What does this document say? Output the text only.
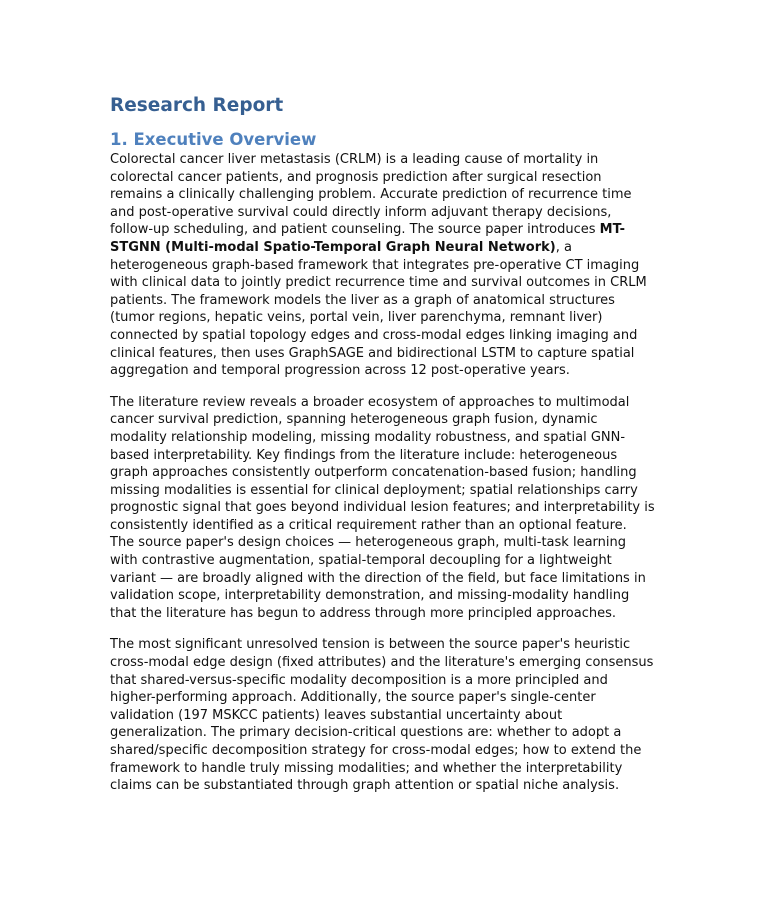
Research Report
1. Executive Overview

Colorectal cancer liver metastasis (CRLM) is a leading cause of mortality in colorectal cancer patients, and prognosis prediction after surgical resection remains a clinically challenging problem. Accurate prediction of recurrence time and post-operative survival could directly inform adjuvant therapy decisions, follow-up scheduling, and patient counseling. The source paper introduces MT-STGNN (Multi-modal Spatio-Temporal Graph Neural Network), a heterogeneous graph-based framework that integrates pre-operative CT imaging with clinical data to jointly predict recurrence time and survival outcomes in CRLM patients. The framework models the liver as a graph of anatomical structures (tumor regions, hepatic veins, portal vein, liver parenchyma, remnant liver) connected by spatial topology edges and cross-modal edges linking imaging and clinical features, then uses GraphSAGE and bidirectional LSTM to capture spatial aggregation and temporal progression across 12 post-operative years.

The literature review reveals a broader ecosystem of approaches to multimodal cancer survival prediction, spanning heterogeneous graph fusion, dynamic modality relationship modeling, missing modality robustness, and spatial GNN-based interpretability. Key findings from the literature include: heterogeneous graph approaches consistently outperform concatenation-based fusion; handling missing modalities is essential for clinical deployment; spatial relationships carry prognostic signal that goes beyond individual lesion features; and interpretability is consistently identified as a critical requirement rather than an optional feature. The source paper's design choices — heterogeneous graph, multi-task learning with contrastive augmentation, spatial-temporal decoupling for a lightweight variant — are broadly aligned with the direction of the field, but face limitations in validation scope, interpretability demonstration, and missing-modality handling that the literature has begun to address through more principled approaches.

The most significant unresolved tension is between the source paper's heuristic cross-modal edge design (fixed attributes) and the literature's emerging consensus that shared-versus-specific modality decomposition is a more principled and higher-performing approach. Additionally, the source paper's single-center validation (197 MSKCC patients) leaves substantial uncertainty about generalization. The primary decision-critical questions are: whether to adopt a shared/specific decomposition strategy for cross-modal edges; how to extend the framework to handle truly missing modalities; and whether the interpretability claims can be substantiated through graph attention or spatial niche analysis.
